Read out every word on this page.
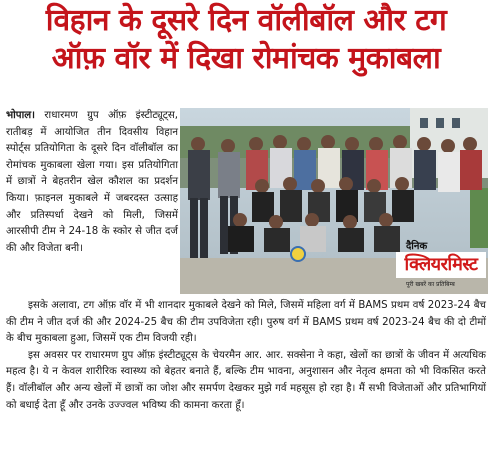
विहान के दूसरे दिन वॉलीबॉल और टग
ऑफ़ वॉर में दिखा रोमांचक मुकाबला
भोपाल। राधारमण ग्रुप ऑफ़ इंस्टीट्यूट्स, रातीबड़ में आयोजित तीन दिवसीय विहान स्पोर्ट्स प्रतियोगिता के दूसरे दिन वॉलीबॉल का रोमांचक मुकाबला खेला गया। इस प्रतियोगिता में छात्रों ने बेहतरीन खेल कौशल का प्रदर्शन किया। फ़ाइनल मुकाबले में जबरदस्त उत्साह और प्रतिस्पर्धा देखने को मिली, जिसमें आरसीपी टीम ने 24-18 के स्कोर से जीत दर्ज की और विजेता बनी।	दैनिक
क्लियरमिस्ट
पूरी खबरें का प्रतिबिम्ब

इसके अलावा, टग ऑफ़ वॉर में भी शानदार मुकाबले देखने को मिले, जिसमें महिला वर्ग में BAMS प्रथम वर्ष 2023-24 बैच की टीम ने जीत दर्ज की और 2024-25 बैच की टीम उपविजेता रही। पुरुष वर्ग में BAMS प्रथम वर्ष 2023-24 बैच की दो टीमों के बीच मुकाबला हुआ, जिसमें एक टीम विजयी रही।

इस अवसर पर राधारमण ग्रुप ऑफ़ इंस्टीट्यूट्स के चेयरमैन आर. आर. सक्सेना ने कहा, खेलों का छात्रों के जीवन में अत्यधिक महत्व है। ये न केवल शारीरिक स्वास्थ्य को बेहतर बनाते हैं, बल्कि टीम भावना, अनुशासन और नेतृत्व क्षमता को भी विकसित करते हैं। वॉलीबॉल और अन्य खेलों में छात्रों का जोश और समर्पण देखकर मुझे गर्व महसूस हो रहा है। मैं सभी विजेताओं और प्रतिभागियों को बधाई देता हूँ और उनके उज्ज्वल भविष्य की कामना करता हूँ।
